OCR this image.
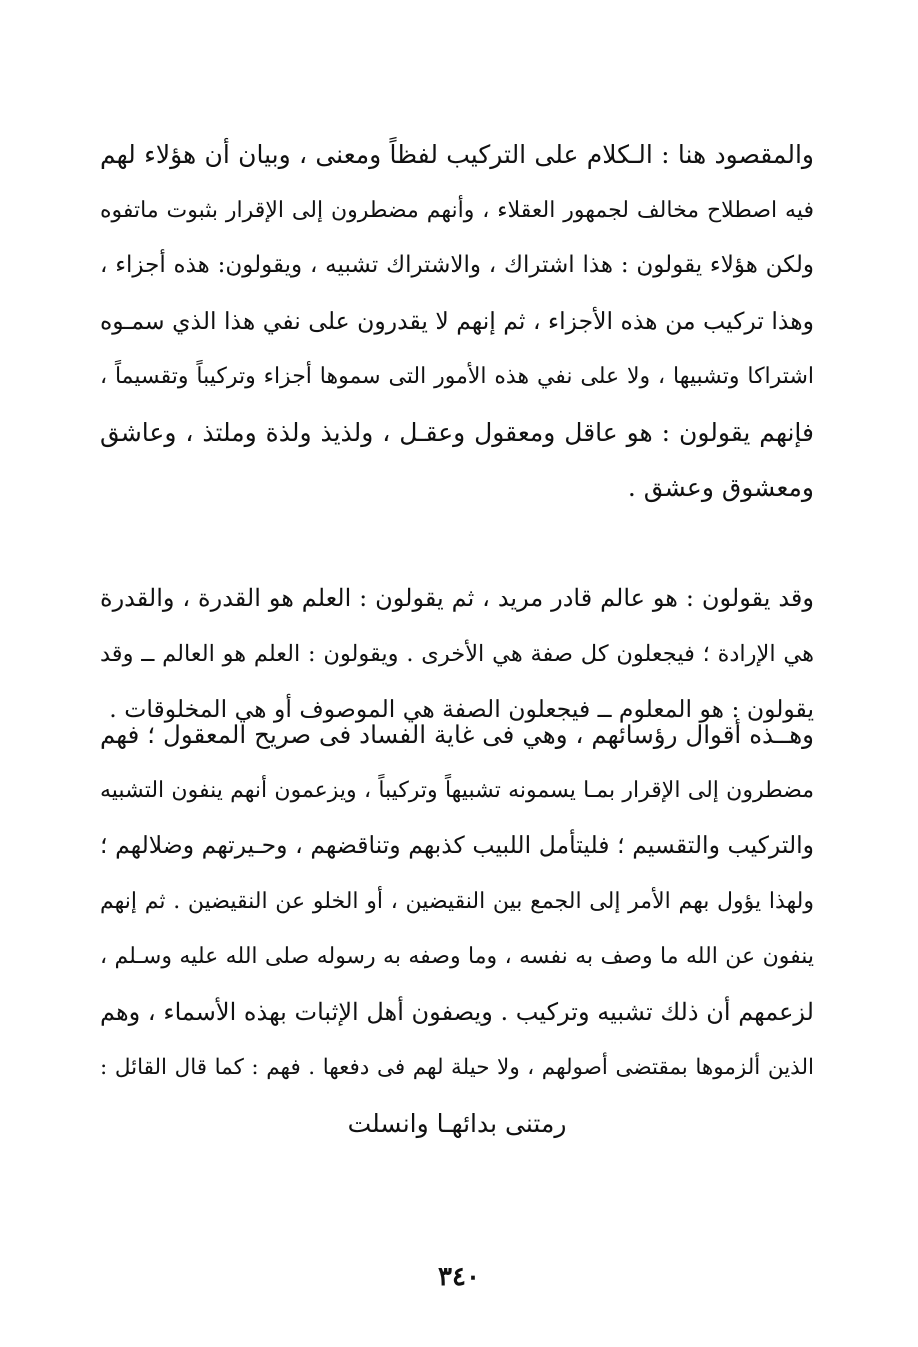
والمقصود هنا : الـكلام على التركيب لفظاً ومعنى ، وبيان أن هؤلاء لهم
فيه اصطلاح مخالف لجمهور العقلاء ، وأنهم مضطرون إلى الإقرار بثبوت ماتفوه
ولكن هؤلاء يقولون : هذا اشتراك ، والاشتراك تشبيه ، ويقولون: هذه أجزاء ،
وهذا تركيب من هذه الأجزاء ، ثم إنهم لا يقدرون على نفي هذا الذي سمـوه
اشتراكا وتشبيها ، ولا على نفي هذه الأمور التى سموها أجزاء وتركيباً وتقسيماً ،
فإنهم يقولون : هو عاقل ومعقول وعقـل ، ولذيذ ولذة وملتذ ، وعاشق
ومعشوق وعشق .

وقد يقولون : هو عالم قادر مريد ، ثم يقولون : العلم هو القدرة ، والقدرة
هي الإرادة ؛ فيجعلون كل صفة هي الأخرى . ويقولون : العلم هو العالم ــ وقد
يقولون : هو المعلوم ــ فيجعلون الصفة هي الموصوف أو هي المخلوقات .

وهــذه أقوال رؤسائهم ، وهي فى غاية الفساد فى صريح المعقول ؛ فهم
مضطرون إلى الإقرار بمـا يسمونه تشبيهاً وتركيباً ، ويزعمون أنهم ينفون التشبيه
والتركيب والتقسيم ؛ فليتأمل اللبيب كذبهم وتناقضهم ، وحـيرتهم وضلالهم ؛
ولهذا يؤول بهم الأمر إلى الجمع بين النقيضين ، أو الخلو عن النقيضين . ثم إنهم
ينفون عن الله ما وصف به نفسه ، وما وصفه به رسوله صلى الله عليه وسـلم ،
لزعمهم أن ذلك تشبيه وتركيب . ويصفون أهل الإثبات بهذه الأسماء ، وهم
الذين ألزموها بمقتضى أصولهم ، ولا حيلة لهم فى دفعها . فهم : كما قال القائل :
رمتنى بدائهـا وانسلت

٣٤٠
